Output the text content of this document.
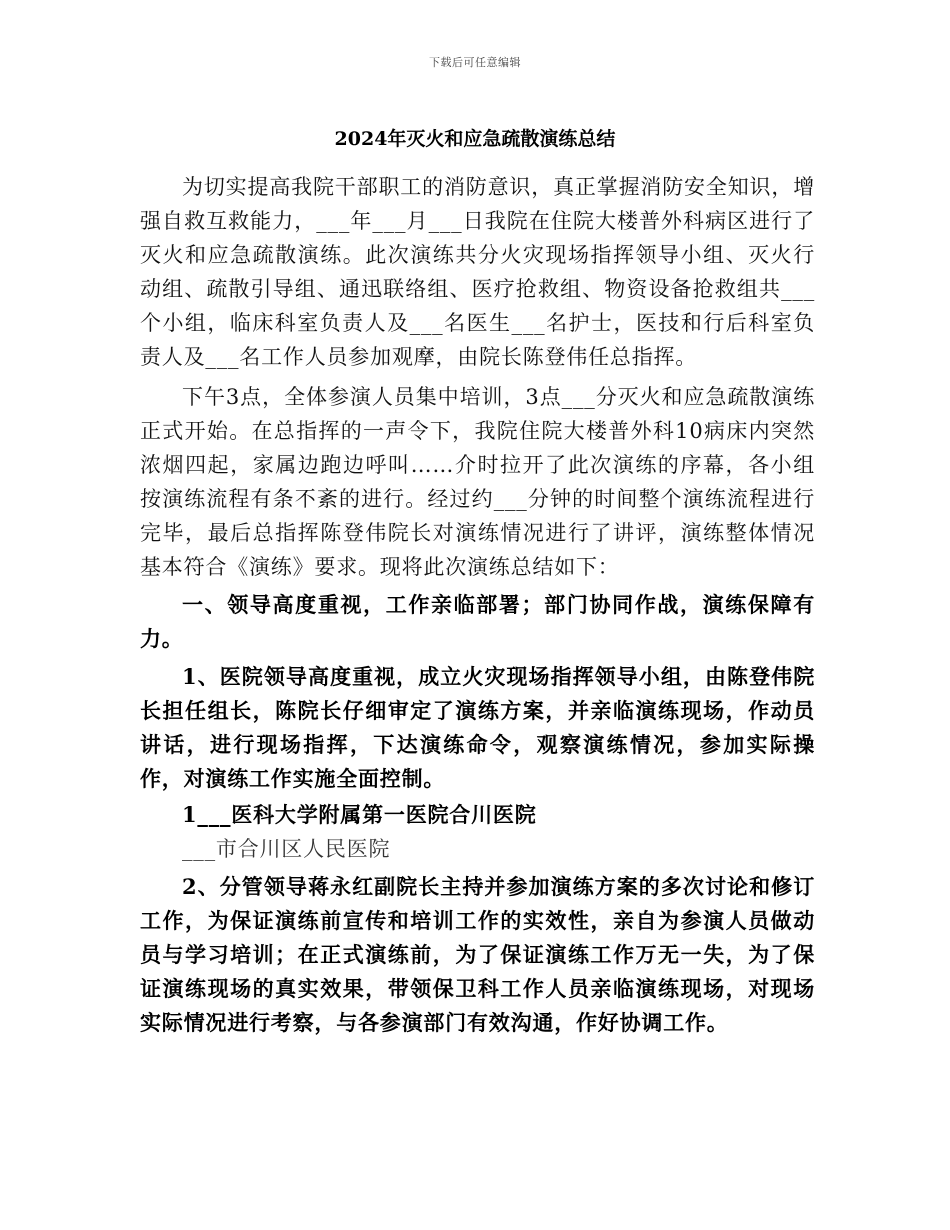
下载后可任意编辑
2024年灭火和应急疏散演练总结

为切实提高我院干部职工的消防意识，真正掌握消防安全知识，增强自救互救能力，___年___月___日我院在住院大楼普外科病区进行了灭火和应急疏散演练。此次演练共分火灾现场指挥领导小组、灭火行动组、疏散引导组、通迅联络组、医疗抢救组、物资设备抢救组共___个小组，临床科室负责人及___名医生___名护士，医技和行后科室负责人及___名工作人员参加观摩，由院长陈登伟任总指挥。

下午3点，全体参演人员集中培训，3点___分灭火和应急疏散演练正式开始。在总指挥的一声令下，我院住院大楼普外科10病床内突然浓烟四起，家属边跑边呼叫……介时拉开了此次演练的序幕，各小组按演练流程有条不紊的进行。经过约___分钟的时间整个演练流程进行完毕，最后总指挥陈登伟院长对演练情况进行了讲评，演练整体情况基本符合《演练》要求。现将此次演练总结如下：

一、领导高度重视，工作亲临部署；部门协同作战，演练保障有力。

1、医院领导高度重视，成立火灾现场指挥领导小组，由陈登伟院长担任组长，陈院长仔细审定了演练方案，并亲临演练现场，作动员讲话，进行现场指挥，下达演练命令，观察演练情况，参加实际操作，对演练工作实施全面控制。

1___医科大学附属第一医院合川医院

___市合川区人民医院

2、分管领导蒋永红副院长主持并参加演练方案的多次讨论和修订工作，为保证演练前宣传和培训工作的实效性，亲自为参演人员做动员与学习培训；在正式演练前，为了保证演练工作万无一失，为了保证演练现场的真实效果，带领保卫科工作人员亲临演练现场，对现场实际情况进行考察，与各参演部门有效沟通，作好协调工作。
